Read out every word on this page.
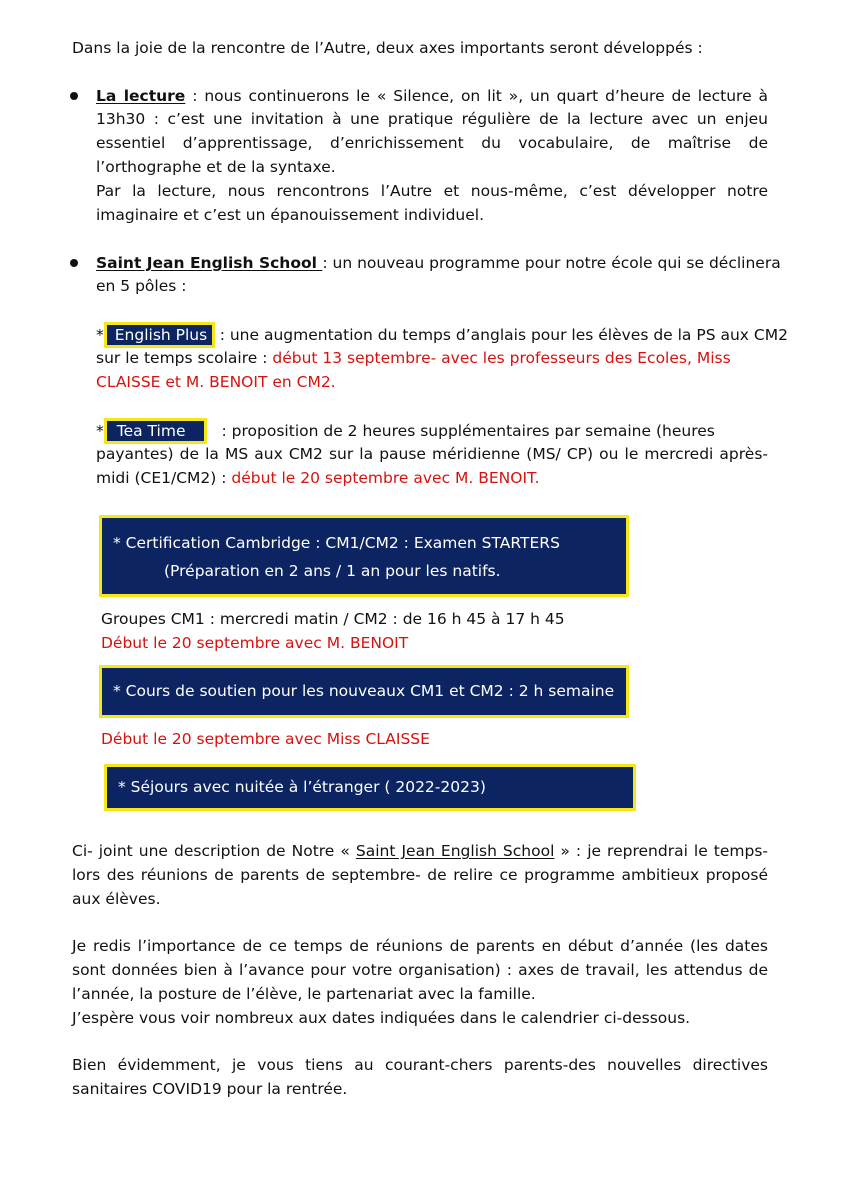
Dans la joie de la rencontre de l’Autre, deux axes importants seront développés :
La lecture : nous continuerons le « Silence, on lit », un quart d’heure de lecture à
13h30 : c’est une invitation à une pratique régulière de la lecture avec un enjeu
essentiel d’apprentissage, d’enrichissement du vocabulaire, de maîtrise de
l’orthographe et de la syntaxe.
Par la lecture, nous rencontrons l’Autre et nous-même, c’est développer notre
imaginaire et c’est un épanouissement individuel.
Saint Jean English School : un nouveau programme pour notre école qui se déclinera
en 5 pôles :
* English Plus : une augmentation du temps d’anglais pour les élèves de la PS aux CM2
sur le temps scolaire : début 13 septembre- avec les professeurs des Ecoles, Miss
CLAISSE et M. BENOIT en CM2.
* Tea Time : proposition de 2 heures supplémentaires par semaine (heures
payantes) de la MS aux CM2 sur la pause méridienne (MS/ CP) ou le mercredi après-
midi (CE1/CM2) : début le 20 septembre avec M. BENOIT.
* Certification Cambridge : CM1/CM2 : Examen STARTERS
(Préparation en 2 ans / 1 an pour les natifs.
Groupes CM1 : mercredi matin / CM2 : de 16 h 45 à 17 h 45
Début le 20 septembre avec M. BENOIT
* Cours de soutien pour les nouveaux CM1 et CM2 : 2 h semaine
Début le 20 septembre avec Miss CLAISSE
* Séjours avec nuitée à l’étranger ( 2022-2023)
Ci- joint une description de Notre « Saint Jean English School » : je reprendrai le temps-
lors des réunions de parents de septembre- de relire ce programme ambitieux proposé
aux élèves.
Je redis l’importance de ce temps de réunions de parents en début d’année (les dates
sont données bien à l’avance pour votre organisation) : axes de travail, les attendus de
l’année, la posture de l’élève, le partenariat avec la famille.
J’espère vous voir nombreux aux dates indiquées dans le calendrier ci-dessous.
Bien évidemment, je vous tiens au courant-chers parents-des nouvelles directives
sanitaires COVID19 pour la rentrée.
